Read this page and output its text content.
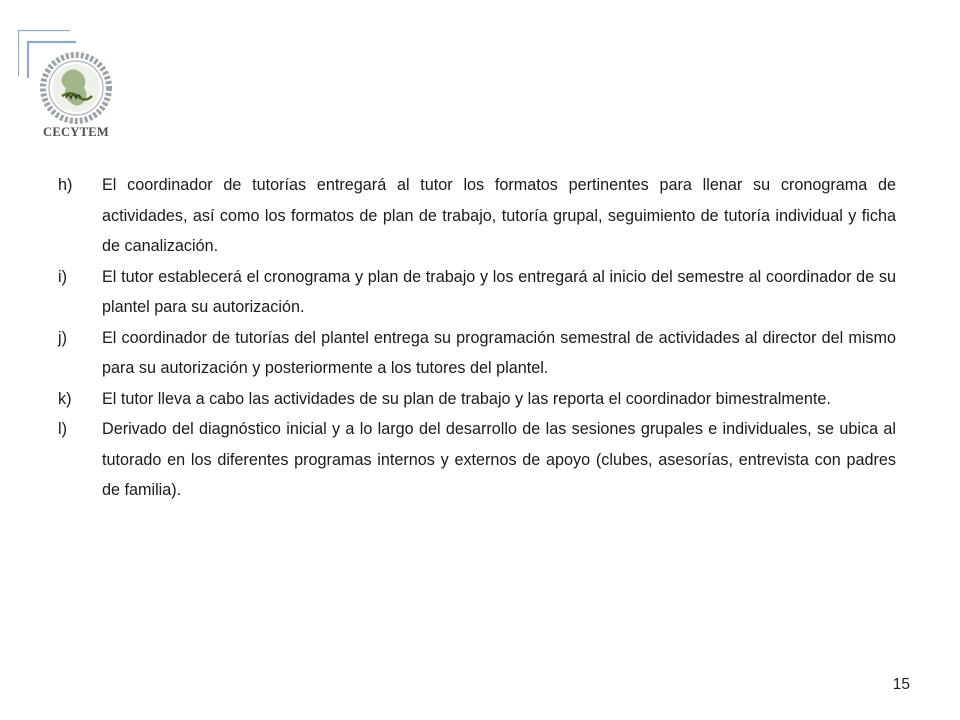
CECYTEM
h)	El coordinador de tutorías entregará al tutor los formatos pertinentes para llenar su cronograma de actividades, así como los formatos de plan de trabajo, tutoría grupal, seguimiento de tutoría individual y ficha de canalización.
i)	El tutor establecerá el cronograma y plan de trabajo y los entregará al inicio del semestre al coordinador de su plantel para su autorización.
j)	El coordinador de tutorías del plantel entrega su programación semestral de actividades al director del mismo para su autorización y posteriormente a los tutores del plantel.
k)	El tutor lleva a cabo las actividades de su plan de trabajo y las reporta el coordinador bimestralmente.
l)	Derivado del diagnóstico inicial y a lo largo del desarrollo de las sesiones grupales e individuales, se ubica al tutorado en los diferentes programas internos y externos de apoyo (clubes, asesorías, entrevista con padres de familia).
15
